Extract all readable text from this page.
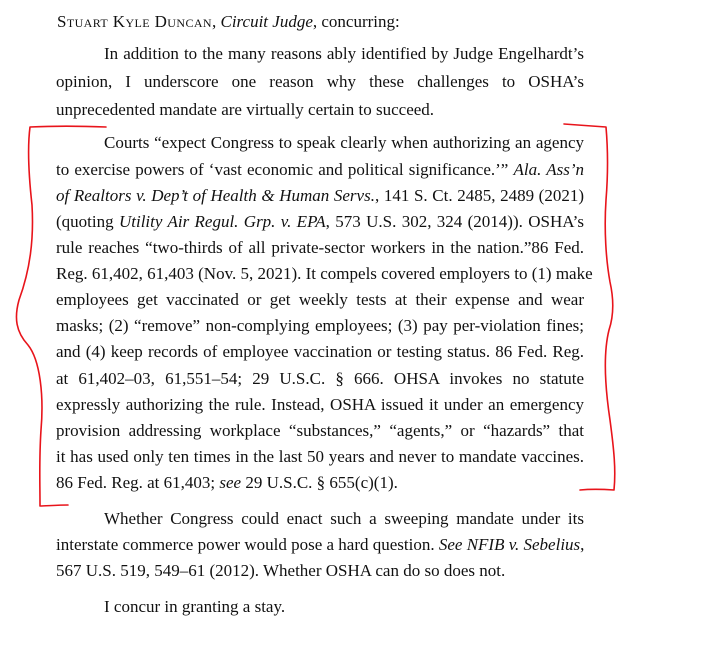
Stuart Kyle Duncan, Circuit Judge, concurring:

In addition to the many reasons ably identified by Judge Engelhardt’s

opinion, I underscore one reason why these challenges to OSHA’s

unprecedented mandate are virtually certain to succeed.

Courts “expect Congress to speak clearly when authorizing an agency

to exercise powers of ‘vast economic and political significance.’” Ala. Ass’n

of Realtors v. Dep’t of Health & Human Servs., 141 S. Ct. 2485, 2489 (2021)

(quoting Utility Air Regul. Grp. v. EPA, 573 U.S. 302, 324 (2014)). OSHA’s

rule reaches “two-thirds of all private-sector workers in the nation.”86 Fed.

Reg. 61,402, 61,403 (Nov. 5, 2021). It compels covered employers to (1) make

employees get vaccinated or get weekly tests at their expense and wear

masks; (2) “remove” non-complying employees; (3) pay per-violation fines;

and (4) keep records of employee vaccination or testing status. 86 Fed. Reg.

at 61,402–03, 61,551–54; 29 U.S.C. § 666. OHSA invokes no statute

expressly authorizing the rule. Instead, OSHA issued it under an emergency

provision addressing workplace “substances,” “agents,” or “hazards” that

it has used only ten times in the last 50 years and never to mandate vaccines.

86 Fed. Reg. at 61,403; see 29 U.S.C. § 655(c)(1).

Whether Congress could enact such a sweeping mandate under its

interstate commerce power would pose a hard question. See NFIB v. Sebelius,

567 U.S. 519, 549–61 (2012). Whether OSHA can do so does not.

I concur in granting a stay.
